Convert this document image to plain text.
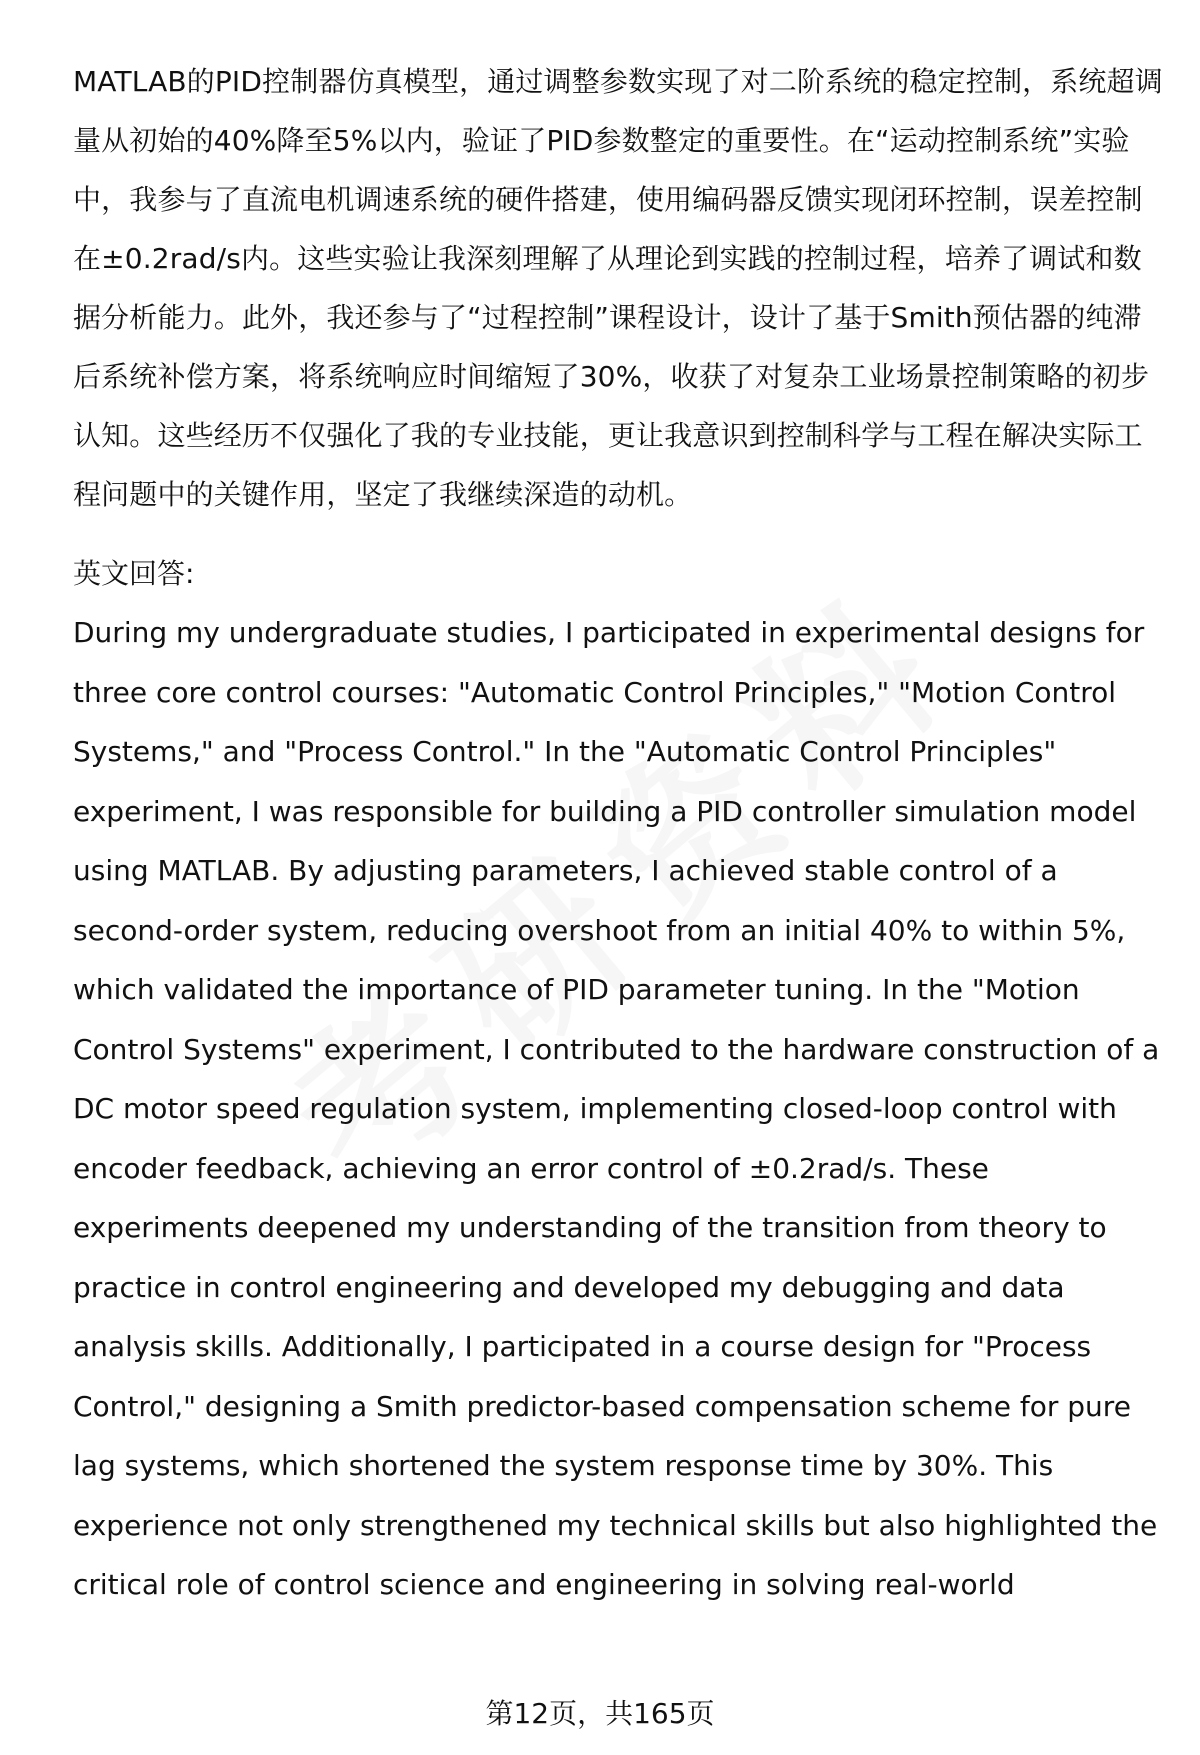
MATLAB的PID控制器仿真模型，通过调整参数实现了对二阶系统的稳定控制，系统超调量从初始的40%降至5%以内，验证了PID参数整定的重要性。在“运动控制系统”实验中，我参与了直流电机调速系统的硬件搭建，使用编码器反馈实现闭环控制，误差控制在±0.2rad/s内。这些实验让我深刻理解了从理论到实践的控制过程，培养了调试和数据分析能力。此外，我还参与了“过程控制”课程设计，设计了基于Smith预估器的纯滞后系统补偿方案，将系统响应时间缩短了30%，收获了对复杂工业场景控制策略的初步认知。这些经历不仅强化了我的专业技能，更让我意识到控制科学与工程在解决实际工程问题中的关键作用，坚定了我继续深造的动机。

英文回答:

During my undergraduate studies, I participated in experimental designs for three core control courses: "Automatic Control Principles," "Motion Control Systems," and "Process Control." In the "Automatic Control Principles" experiment, I was responsible for building a PID controller simulation model using MATLAB. By adjusting parameters, I achieved stable control of a second-order system, reducing overshoot from an initial 40% to within 5%, which validated the importance of PID parameter tuning. In the "Motion Control Systems" experiment, I contributed to the hardware construction of a DC motor speed regulation system, implementing closed-loop control with encoder feedback, achieving an error control of ±0.2rad/s. These experiments deepened my understanding of the transition from theory to practice in control engineering and developed my debugging and data analysis skills. Additionally, I participated in a course design for "Process Control," designing a Smith predictor-based compensation scheme for pure lag systems, which shortened the system response time by 30%. This experience not only strengthened my technical skills but also highlighted the critical role of control science and engineering in solving real-world

第12页，共165页
